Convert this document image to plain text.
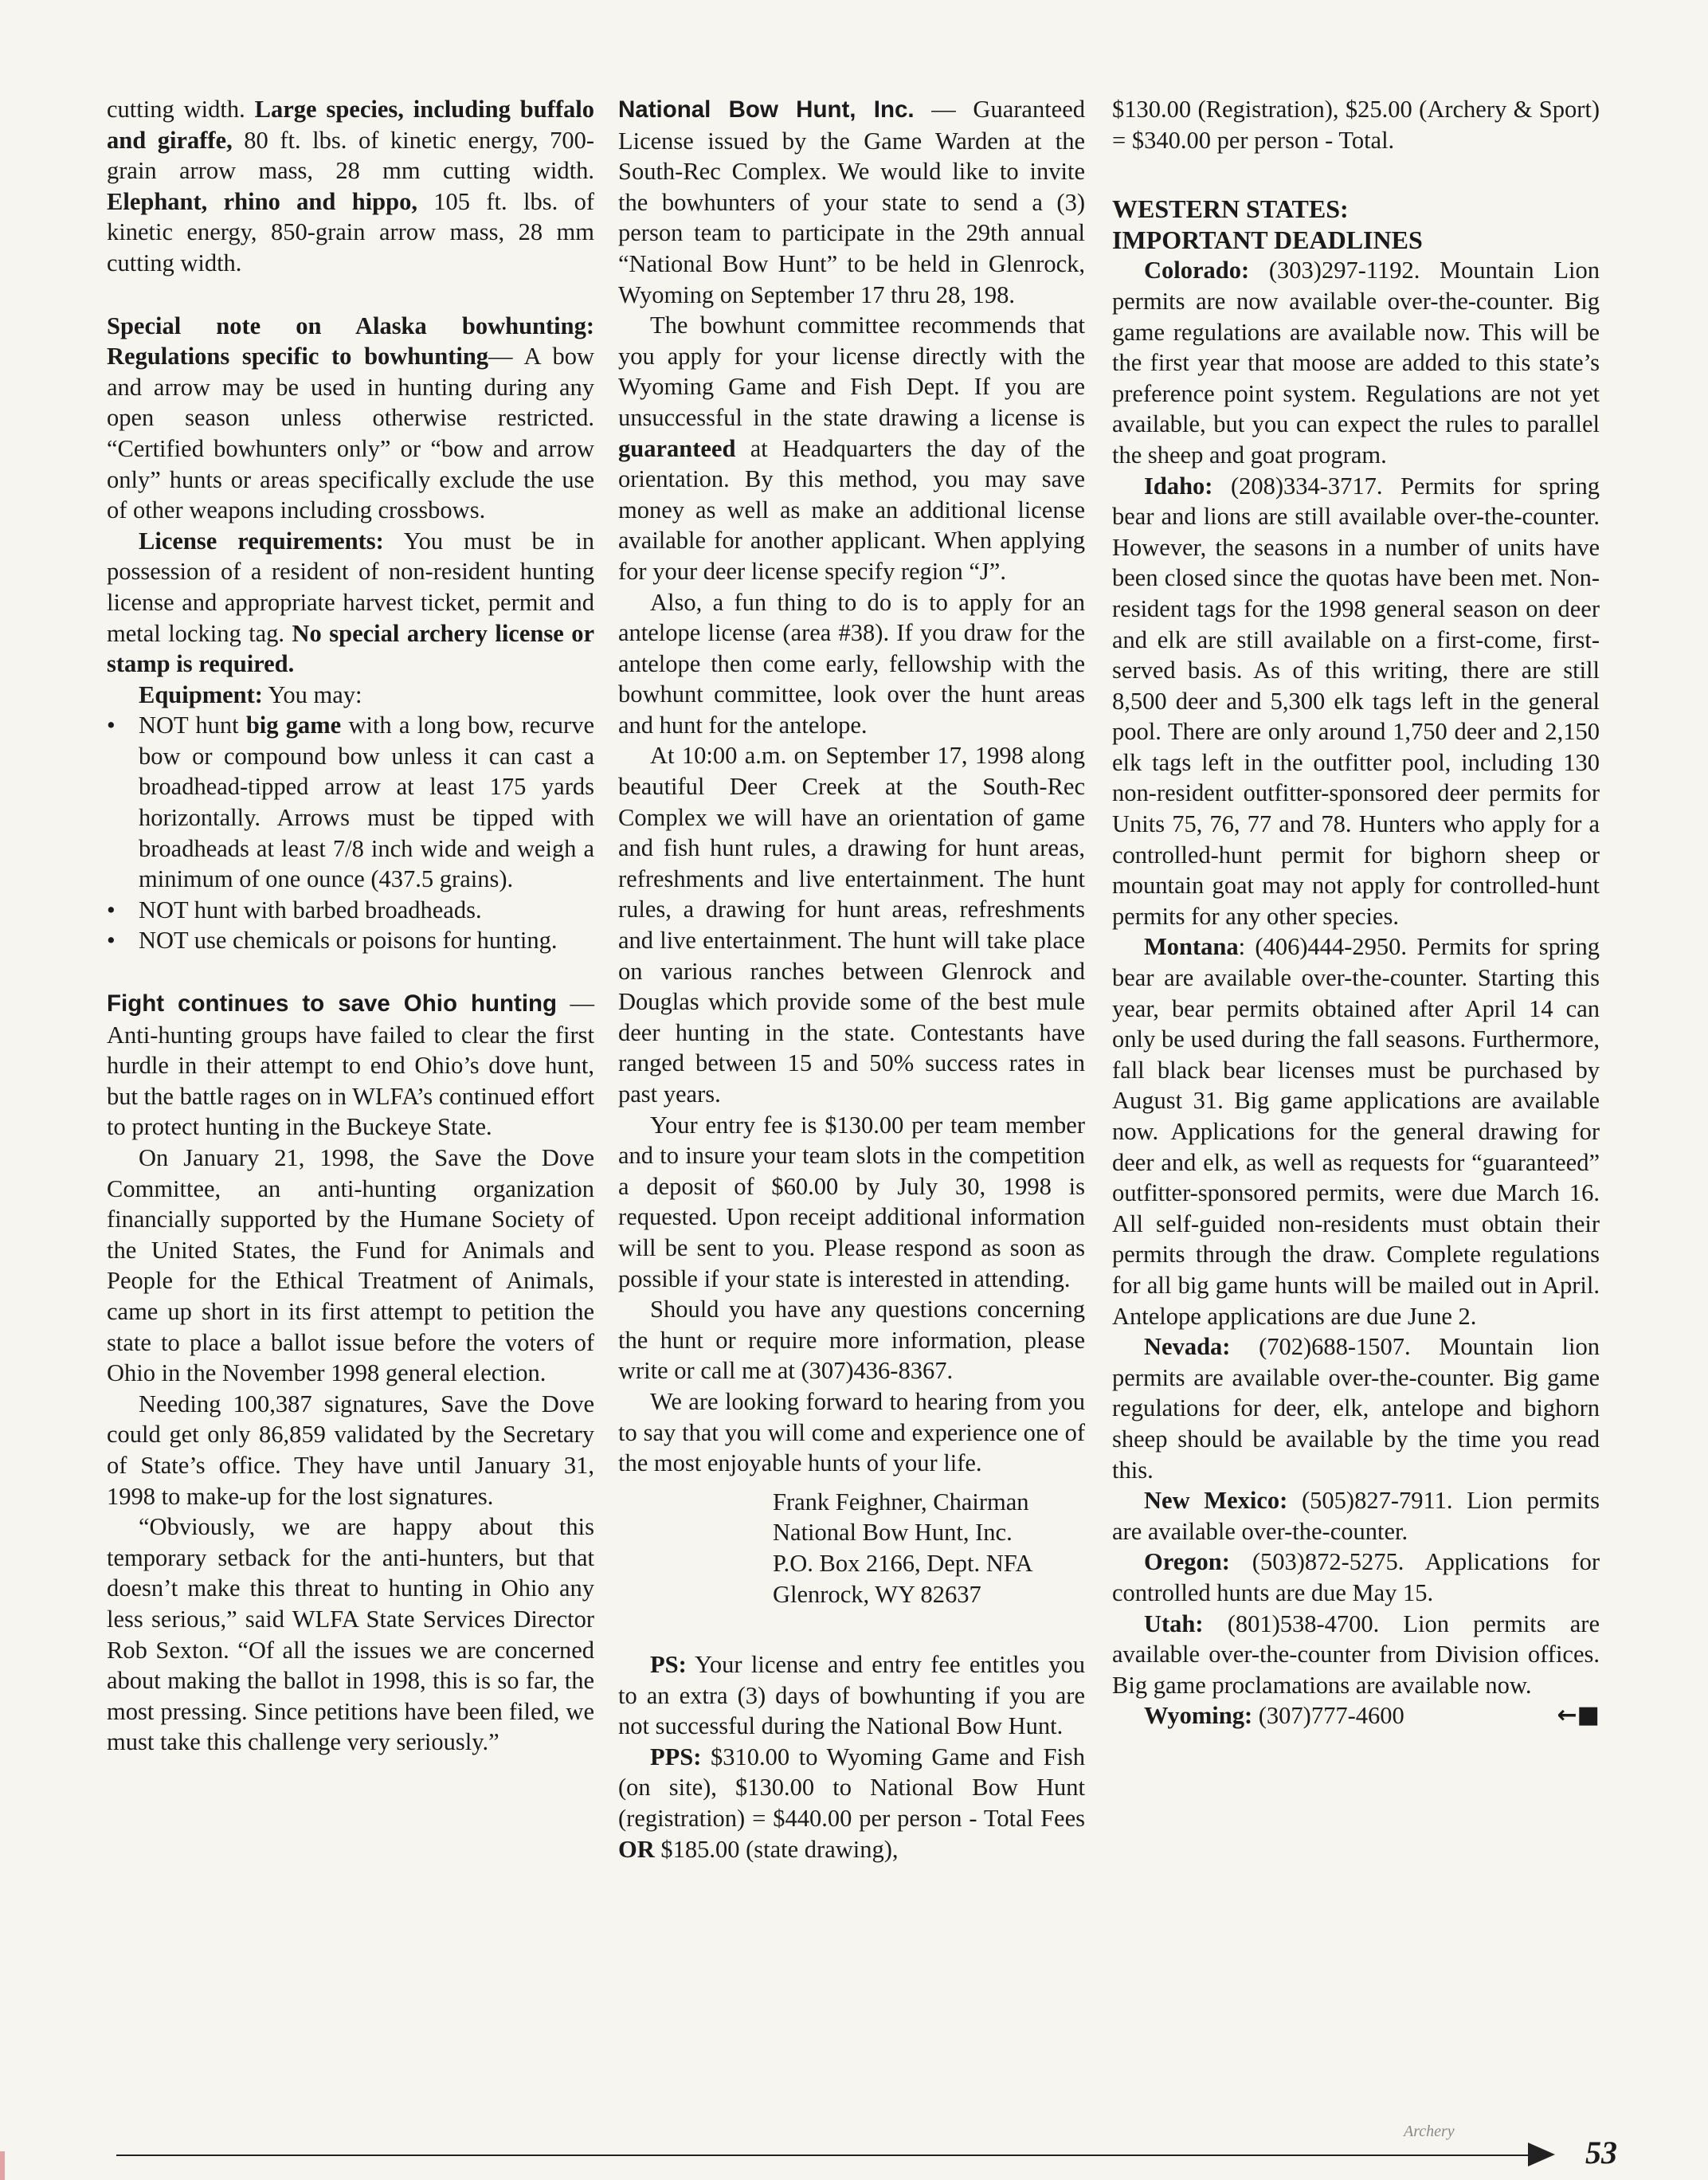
cutting width. Large species, including buffalo and giraffe, 80 ft. lbs. of kinetic energy, 700-grain arrow mass, 28 mm cutting width. Elephant, rhino and hippo, 105 ft. lbs. of kinetic energy, 850-grain arrow mass, 28 mm cutting width.

Special note on Alaska bowhunting: Regulations specific to bowhunting— A bow and arrow may be used in hunting during any open season unless otherwise restricted. “Certified bowhunters only” or “bow and arrow only” hunts or areas specifically exclude the use of other weapons including crossbows.

License requirements: You must be in possession of a resident of non-resident hunting license and appropriate harvest ticket, permit and metal locking tag. No special archery license or stamp is required.

Equipment: You may:

• NOT hunt big game with a long bow, recurve bow or compound bow unless it can cast a broadhead-tipped arrow at least 175 yards horizontally. Arrows must be tipped with broadheads at least 7/8 inch wide and weigh a minimum of one ounce (437.5 grains).
• NOT hunt with barbed broadheads.
• NOT use chemicals or poisons for hunting.

Fight continues to save Ohio hunting — Anti-hunting groups have failed to clear the first hurdle in their attempt to end Ohio’s dove hunt, but the battle rages on in WLFA’s continued effort to protect hunting in the Buckeye State.

On January 21, 1998, the Save the Dove Committee, an anti-hunting organization financially supported by the Humane Society of the United States, the Fund for Animals and People for the Ethical Treatment of Animals, came up short in its first attempt to petition the state to place a ballot issue before the voters of Ohio in the November 1998 general election.

Needing 100,387 signatures, Save the Dove could get only 86,859 validated by the Secretary of State’s office. They have until January 31, 1998 to make-up for the lost signatures.

“Obviously, we are happy about this temporary setback for the anti-hunters, but that doesn’t make this threat to hunting in Ohio any less serious,” said WLFA State Services Director Rob Sexton. “Of all the issues we are concerned about making the ballot in 1998, this is so far, the most pressing. Since petitions have been filed, we must take this challenge very seriously.”

National Bow Hunt, Inc. — Guaranteed License issued by the Game Warden at the South-Rec Complex. We would like to invite the bowhunters of your state to send a (3) person team to participate in the 29th annual “National Bow Hunt” to be held in Glenrock, Wyoming on September 17 thru 28, 198.

The bowhunt committee recommends that you apply for your license directly with the Wyoming Game and Fish Dept. If you are unsuccessful in the state drawing a license is guaranteed at Headquarters the day of the orientation. By this method, you may save money as well as make an additional license available for another applicant. When applying for your deer license specify region “J”.

Also, a fun thing to do is to apply for an antelope license (area #38). If you draw for the antelope then come early, fellowship with the bowhunt committee, look over the hunt areas and hunt for the antelope.

At 10:00 a.m. on September 17, 1998 along beautiful Deer Creek at the South-Rec Complex we will have an orientation of game and fish hunt rules, a drawing for hunt areas, refreshments and live entertainment. The hunt rules, a drawing for hunt areas, refreshments and live entertainment. The hunt will take place on various ranches between Glenrock and Douglas which provide some of the best mule deer hunting in the state. Contestants have ranged between 15 and 50% success rates in past years.

Your entry fee is $130.00 per team member and to insure your team slots in the competition a deposit of $60.00 by July 30, 1998 is requested. Upon receipt additional information will be sent to you. Please respond as soon as possible if your state is interested in attending.

Should you have any questions concerning the hunt or require more information, please write or call me at (307)436-8367.

We are looking forward to hearing from you to say that you will come and experience one of the most enjoyable hunts of your life.

Frank Feighner, Chairman
National Bow Hunt, Inc.
P.O. Box 2166, Dept. NFA
Glenrock, WY 82637

PS: Your license and entry fee entitles you to an extra (3) days of bowhunting if you are not successful during the National Bow Hunt.

PPS: $310.00 to Wyoming Game and Fish (on site), $130.00 to National Bow Hunt (registration) = $440.00 per person - Total Fees OR $185.00 (state drawing),

$130.00 (Registration), $25.00 (Archery & Sport) = $340.00 per person - Total.

WESTERN STATES:
IMPORTANT DEADLINES

Colorado: (303)297-1192. Mountain Lion permits are now available over-the-counter. Big game regulations are available now. This will be the first year that moose are added to this state’s preference point system. Regulations are not yet available, but you can expect the rules to parallel the sheep and goat program.

Idaho: (208)334-3717. Permits for spring bear and lions are still available over-the-counter. However, the seasons in a number of units have been closed since the quotas have been met. Non-resident tags for the 1998 general season on deer and elk are still available on a first-come, first-served basis. As of this writing, there are still 8,500 deer and 5,300 elk tags left in the general pool. There are only around 1,750 deer and 2,150 elk tags left in the outfitter pool, including 130 non-resident outfitter-sponsored deer permits for Units 75, 76, 77 and 78. Hunters who apply for a controlled-hunt permit for bighorn sheep or mountain goat may not apply for controlled-hunt permits for any other species.

Montana: (406)444-2950. Permits for spring bear are available over-the-counter. Starting this year, bear permits obtained after April 14 can only be used during the fall seasons. Furthermore, fall black bear licenses must be purchased by August 31. Big game applications are available now. Applications for the general drawing for deer and elk, as well as requests for “guaranteed” outfitter-sponsored permits, were due March 16. All self-guided non-residents must obtain their permits through the draw. Complete regulations for all big game hunts will be mailed out in April. Antelope applications are due June 2.

Nevada: (702)688-1507. Mountain lion permits are available over-the-counter. Big game regulations for deer, elk, antelope and bighorn sheep should be available by the time you read this.

New Mexico: (505)827-7911. Lion permits are available over-the-counter.

Oregon: (503)872-5275. Applications for controlled hunts are due May 15.

Utah: (801)538-4700. Lion permits are available over-the-counter from Division offices. Big game proclamations are available now.

Wyoming: (307)777-4600	←■

Archery
53
